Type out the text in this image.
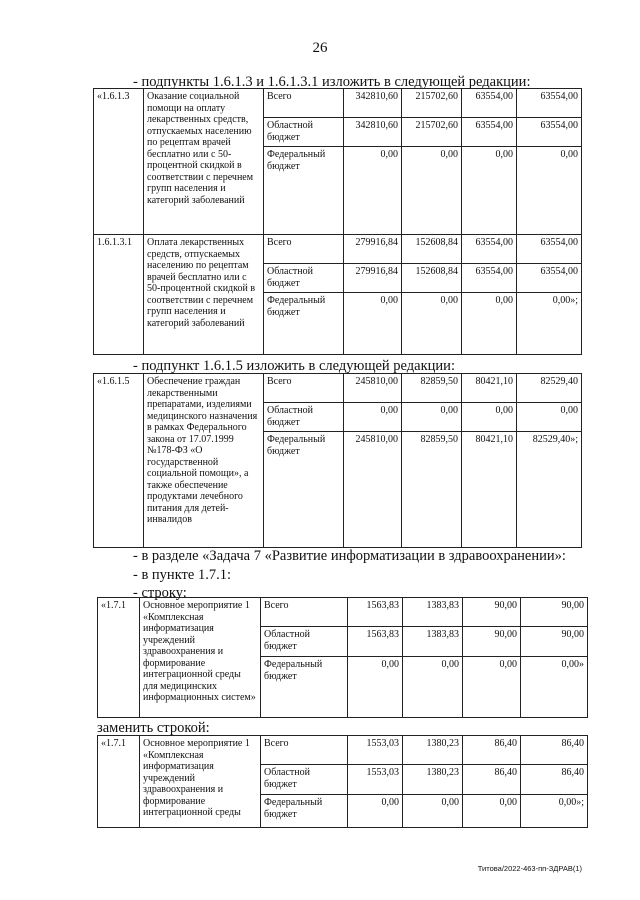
26
- подпункты 1.6.1.3 и 1.6.1.3.1 изложить в следующей редакции:
«1.6.1.3	Оказание социальной помощи на оплату лекарственных средств, отпускаемых населению по рецептам врачей бесплатно или с 50-процентной скидкой в соответствии с перечнем групп населения и категорий заболеваний	Всего	342810,60	215702,60	63554,00	63554,00
		Областной бюджет	342810,60	215702,60	63554,00	63554,00
		Федеральный бюджет	0,00	0,00	0,00	0,00
1.6.1.3.1	Оплата лекарственных средств, отпускаемых населению по рецептам врачей бесплатно или с 50-процентной скидкой в соответствии с перечнем групп населения и категорий заболеваний	Всего	279916,84	152608,84	63554,00	63554,00
		Областной бюджет	279916,84	152608,84	63554,00	63554,00
		Федеральный бюджет	0,00	0,00	0,00	0,00»;
- подпункт 1.6.1.5 изложить в следующей редакции:
«1.6.1.5	Обеспечение граждан лекарственными препаратами, изделиями медицинского назначения в рамках Федерального закона от 17.07.1999 №178-ФЗ «О государственной социальной помощи», а также обеспечение продуктами лечебного питания для детей-инвалидов	Всего	245810,00	82859,50	80421,10	82529,40
		Областной бюджет	0,00	0,00	0,00	0,00
		Федеральный бюджет	245810,00	82859,50	80421,10	82529,40»;
- в разделе «Задача 7 «Развитие информатизации в здравоохранении»:
- в пункте 1.7.1:
- строку:
«1.7.1	Основное мероприятие 1 «Комплексная информатизация учреждений здравоохранения и формирование интеграционной среды для медицинских информационных систем»	Всего	1563,83	1383,83	90,00	90,00
		Областной бюджет	1563,83	1383,83	90,00	90,00
		Федеральный бюджет	0,00	0,00	0,00	0,00»
заменить строкой:
«1.7.1	Основное мероприятие 1 «Комплексная информатизация учреждений здравоохранения и формирование интеграционной среды	Всего	1553,03	1380,23	86,40	86,40
		Областной бюджет	1553,03	1380,23	86,40	86,40
		Федеральный бюджет	0,00	0,00	0,00	0,00»;
Титова/2022-463-пп-ЗДРАВ(1)
